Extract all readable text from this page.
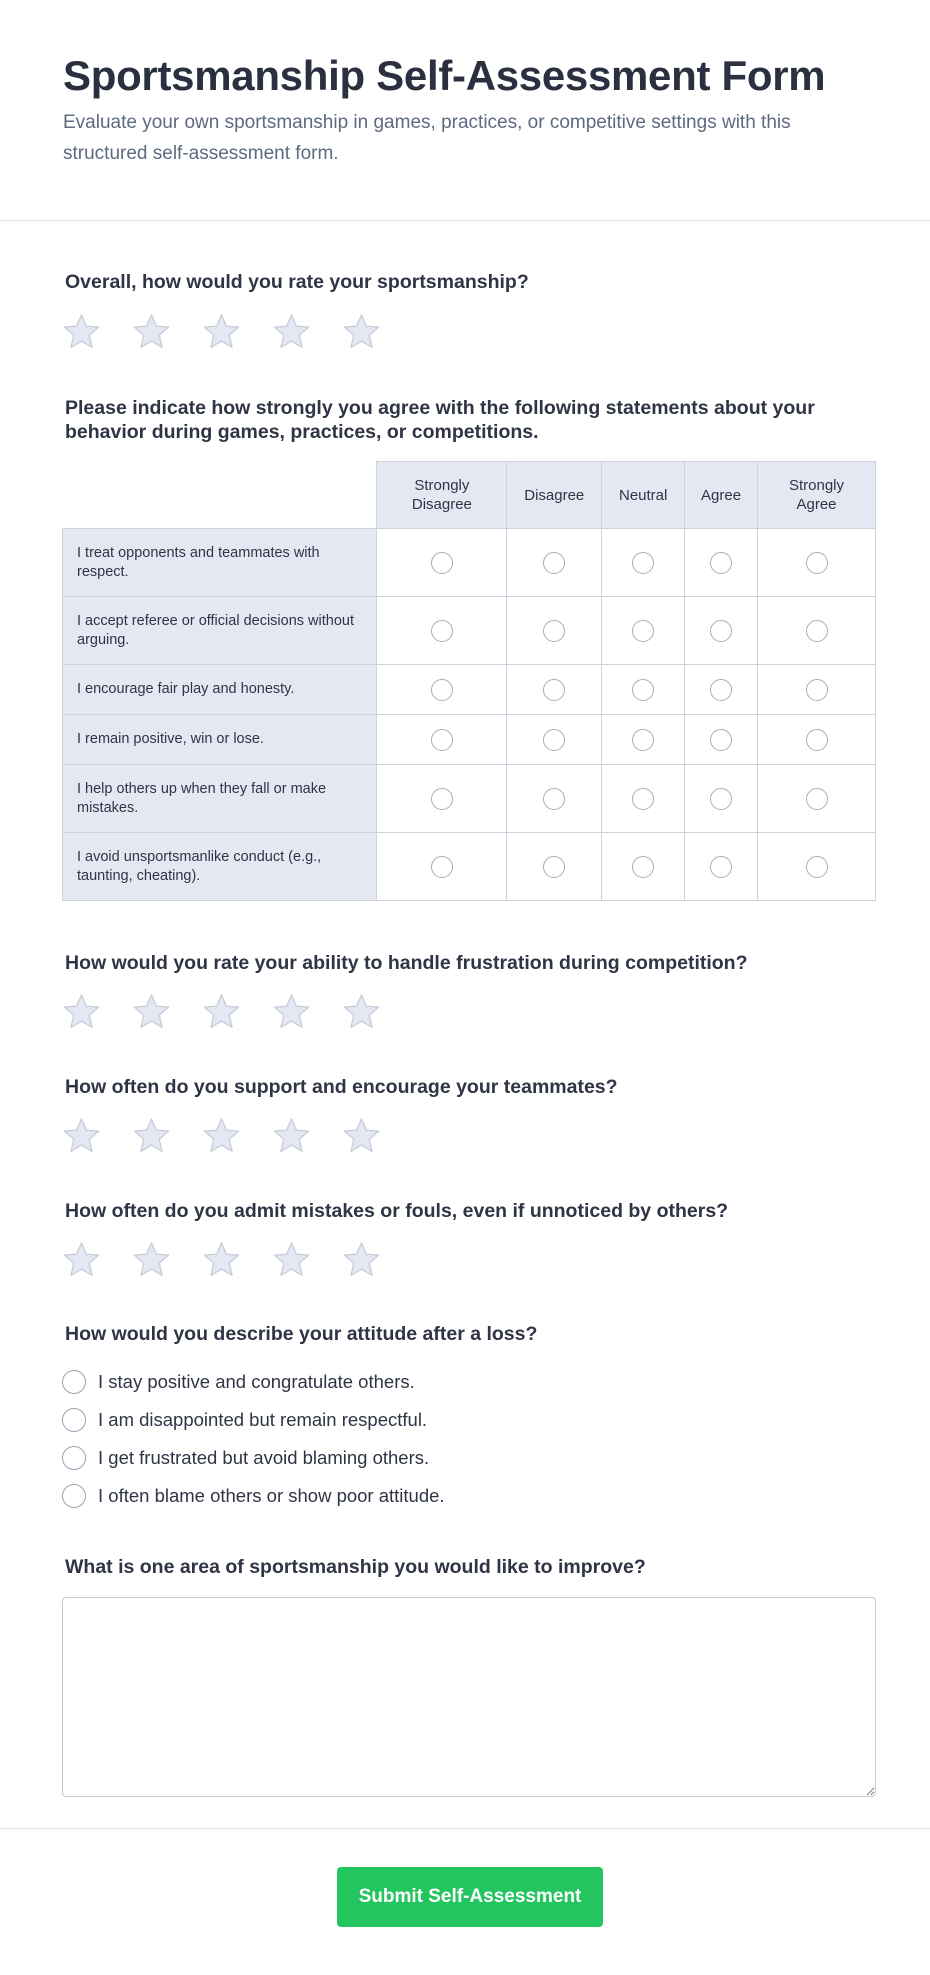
Sportsmanship Self-Assessment Form
Evaluate your own sportsmanship in games, practices, or competitive settings with this structured self-assessment form.
Overall, how would you rate your sportsmanship?
Please indicate how strongly you agree with the following statements about your behavior during games, practices, or competitions.
	Strongly Disagree	Disagree	Neutral	Agree	Strongly Agree
I treat opponents and teammates with respect.					
I accept referee or official decisions without arguing.					
I encourage fair play and honesty.					
I remain positive, win or lose.					
I help others up when they fall or make mistakes.					
I avoid unsportsmanlike conduct (e.g., taunting, cheating).					
How would you rate your ability to handle frustration during competition?
How often do you support and encourage your teammates?
How often do you admit mistakes or fouls, even if unnoticed by others?
How would you describe your attitude after a loss?
I stay positive and congratulate others.
I am disappointed but remain respectful.
I get frustrated but avoid blaming others.
I often blame others or show poor attitude.
What is one area of sportsmanship you would like to improve?
Submit Self-Assessment
